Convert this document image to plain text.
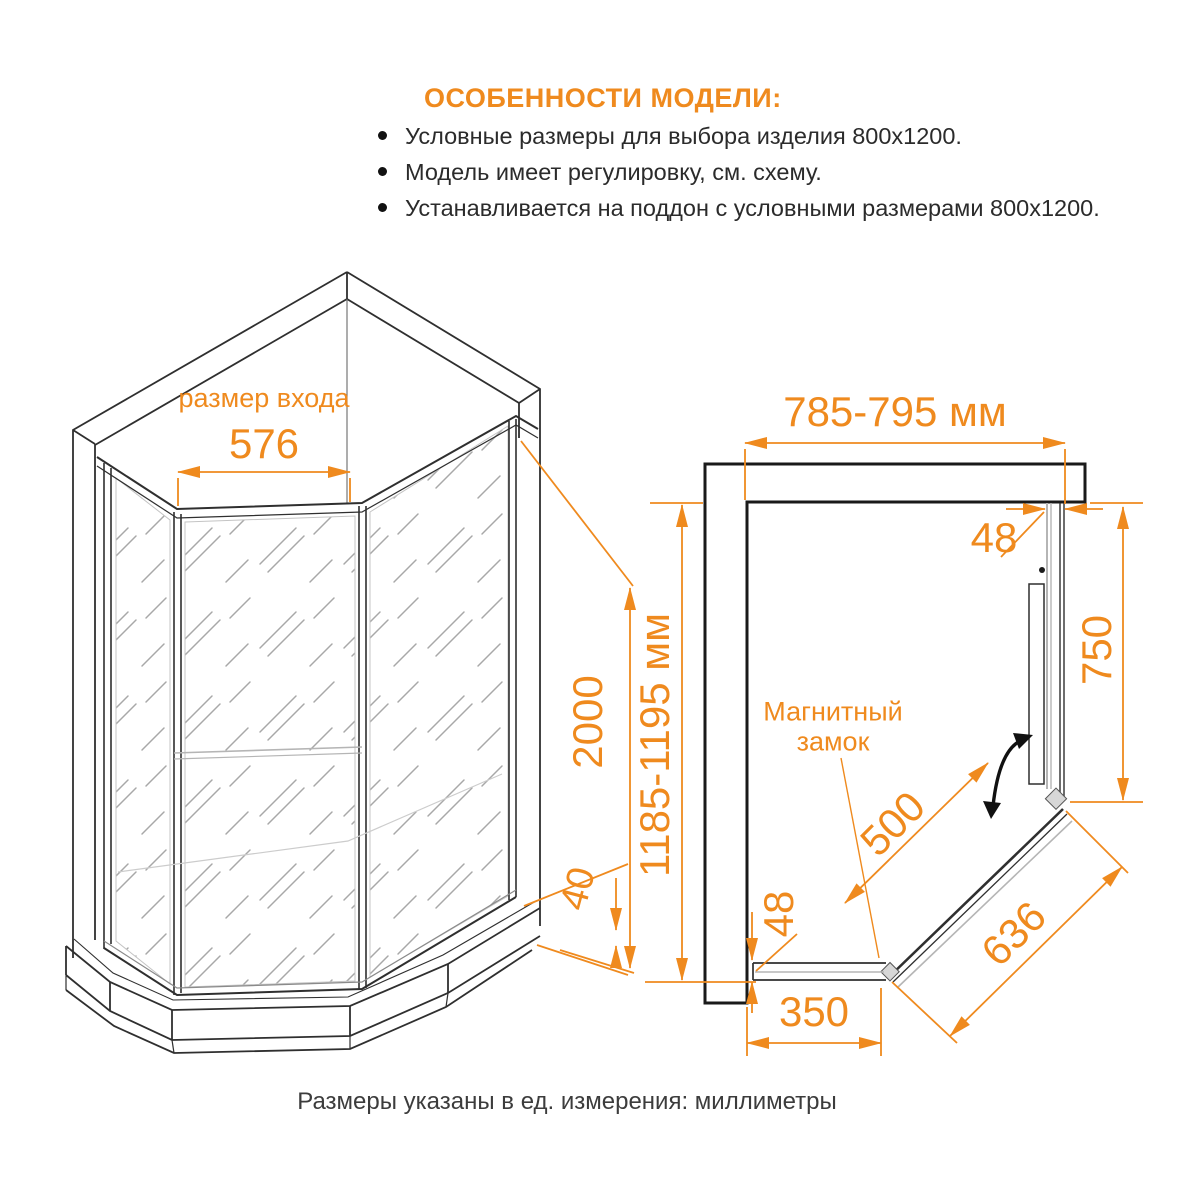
ОСОБЕННОСТИ МОДЕЛИ:
Условные размеры для выбора изделия 800x1200.
Модель имеет регулировку, см. схему.
Устанавливается на поддон с условными размерами 800x1200.
размер входа
576
2000
40
785-795 мм
48
750
1185-1195 мм	Магнитный замок
500
636
48
350
Размеры указаны в ед. измерения: миллиметры
